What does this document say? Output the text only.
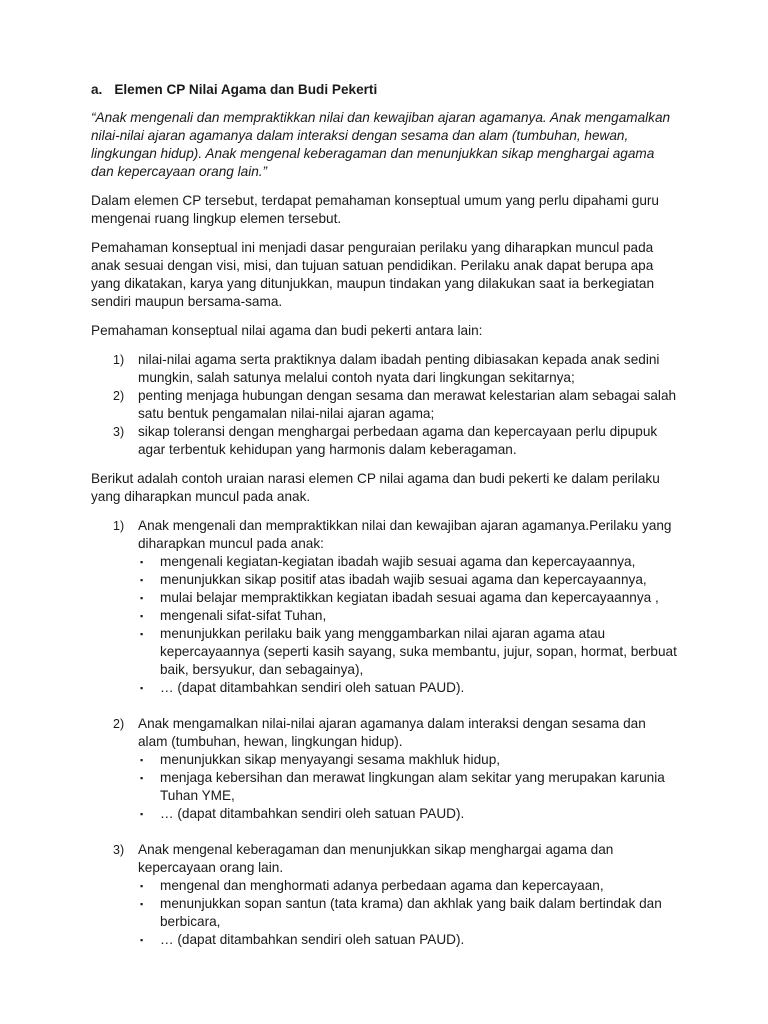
a. Elemen CP Nilai Agama dan Budi Pekerti

“Anak mengenali dan mempraktikkan nilai dan kewajiban ajaran agamanya. Anak mengamalkan nilai-nilai ajaran agamanya dalam interaksi dengan sesama dan alam (tumbuhan, hewan, lingkungan hidup). Anak mengenal keberagaman dan menunjukkan sikap menghargai agama dan kepercayaan orang lain.”

Dalam elemen CP tersebut, terdapat pemahaman konseptual umum yang perlu dipahami guru mengenai ruang lingkup elemen tersebut.

Pemahaman konseptual ini menjadi dasar penguraian perilaku yang diharapkan muncul pada anak sesuai dengan visi, misi, dan tujuan satuan pendidikan. Perilaku anak dapat berupa apa yang dikatakan, karya yang ditunjukkan, maupun tindakan yang dilakukan saat ia berkegiatan sendiri maupun bersama-sama.

Pemahaman konseptual nilai agama dan budi pekerti antara lain:

1) nilai-nilai agama serta praktiknya dalam ibadah penting dibiasakan kepada anak sedini mungkin, salah satunya melalui contoh nyata dari lingkungan sekitarnya;
2) penting menjaga hubungan dengan sesama dan merawat kelestarian alam sebagai salah satu bentuk pengamalan nilai-nilai ajaran agama;
3) sikap toleransi dengan menghargai perbedaan agama dan kepercayaan perlu dipupuk agar terbentuk kehidupan yang harmonis dalam keberagaman.

Berikut adalah contoh uraian narasi elemen CP nilai agama dan budi pekerti ke dalam perilaku yang diharapkan muncul pada anak.

1) Anak mengenali dan mempraktikkan nilai dan kewajiban ajaran agamanya.Perilaku yang diharapkan muncul pada anak:
▪ mengenali kegiatan-kegiatan ibadah wajib sesuai agama dan kepercayaannya,
▪ menunjukkan sikap positif atas ibadah wajib sesuai agama dan kepercayaannya,
▪ mulai belajar mempraktikkan kegiatan ibadah sesuai agama dan kepercayaannya ,
▪ mengenali sifat-sifat Tuhan,
▪ menunjukkan perilaku baik yang menggambarkan nilai ajaran agama atau kepercayaannya (seperti kasih sayang, suka membantu, jujur, sopan, hormat, berbuat baik, bersyukur, dan sebagainya),
▪ … (dapat ditambahkan sendiri oleh satuan PAUD).
2) Anak mengamalkan nilai-nilai ajaran agamanya dalam interaksi dengan sesama dan alam (tumbuhan, hewan, lingkungan hidup).
▪ menunjukkan sikap menyayangi sesama makhluk hidup,
▪ menjaga kebersihan dan merawat lingkungan alam sekitar yang merupakan karunia Tuhan YME,
▪ … (dapat ditambahkan sendiri oleh satuan PAUD).
3) Anak mengenal keberagaman dan menunjukkan sikap menghargai agama dan kepercayaan orang lain.
▪ mengenal dan menghormati adanya perbedaan agama dan kepercayaan,
▪ menunjukkan sopan santun (tata krama) dan akhlak yang baik dalam bertindak dan berbicara,
▪ … (dapat ditambahkan sendiri oleh satuan PAUD).
